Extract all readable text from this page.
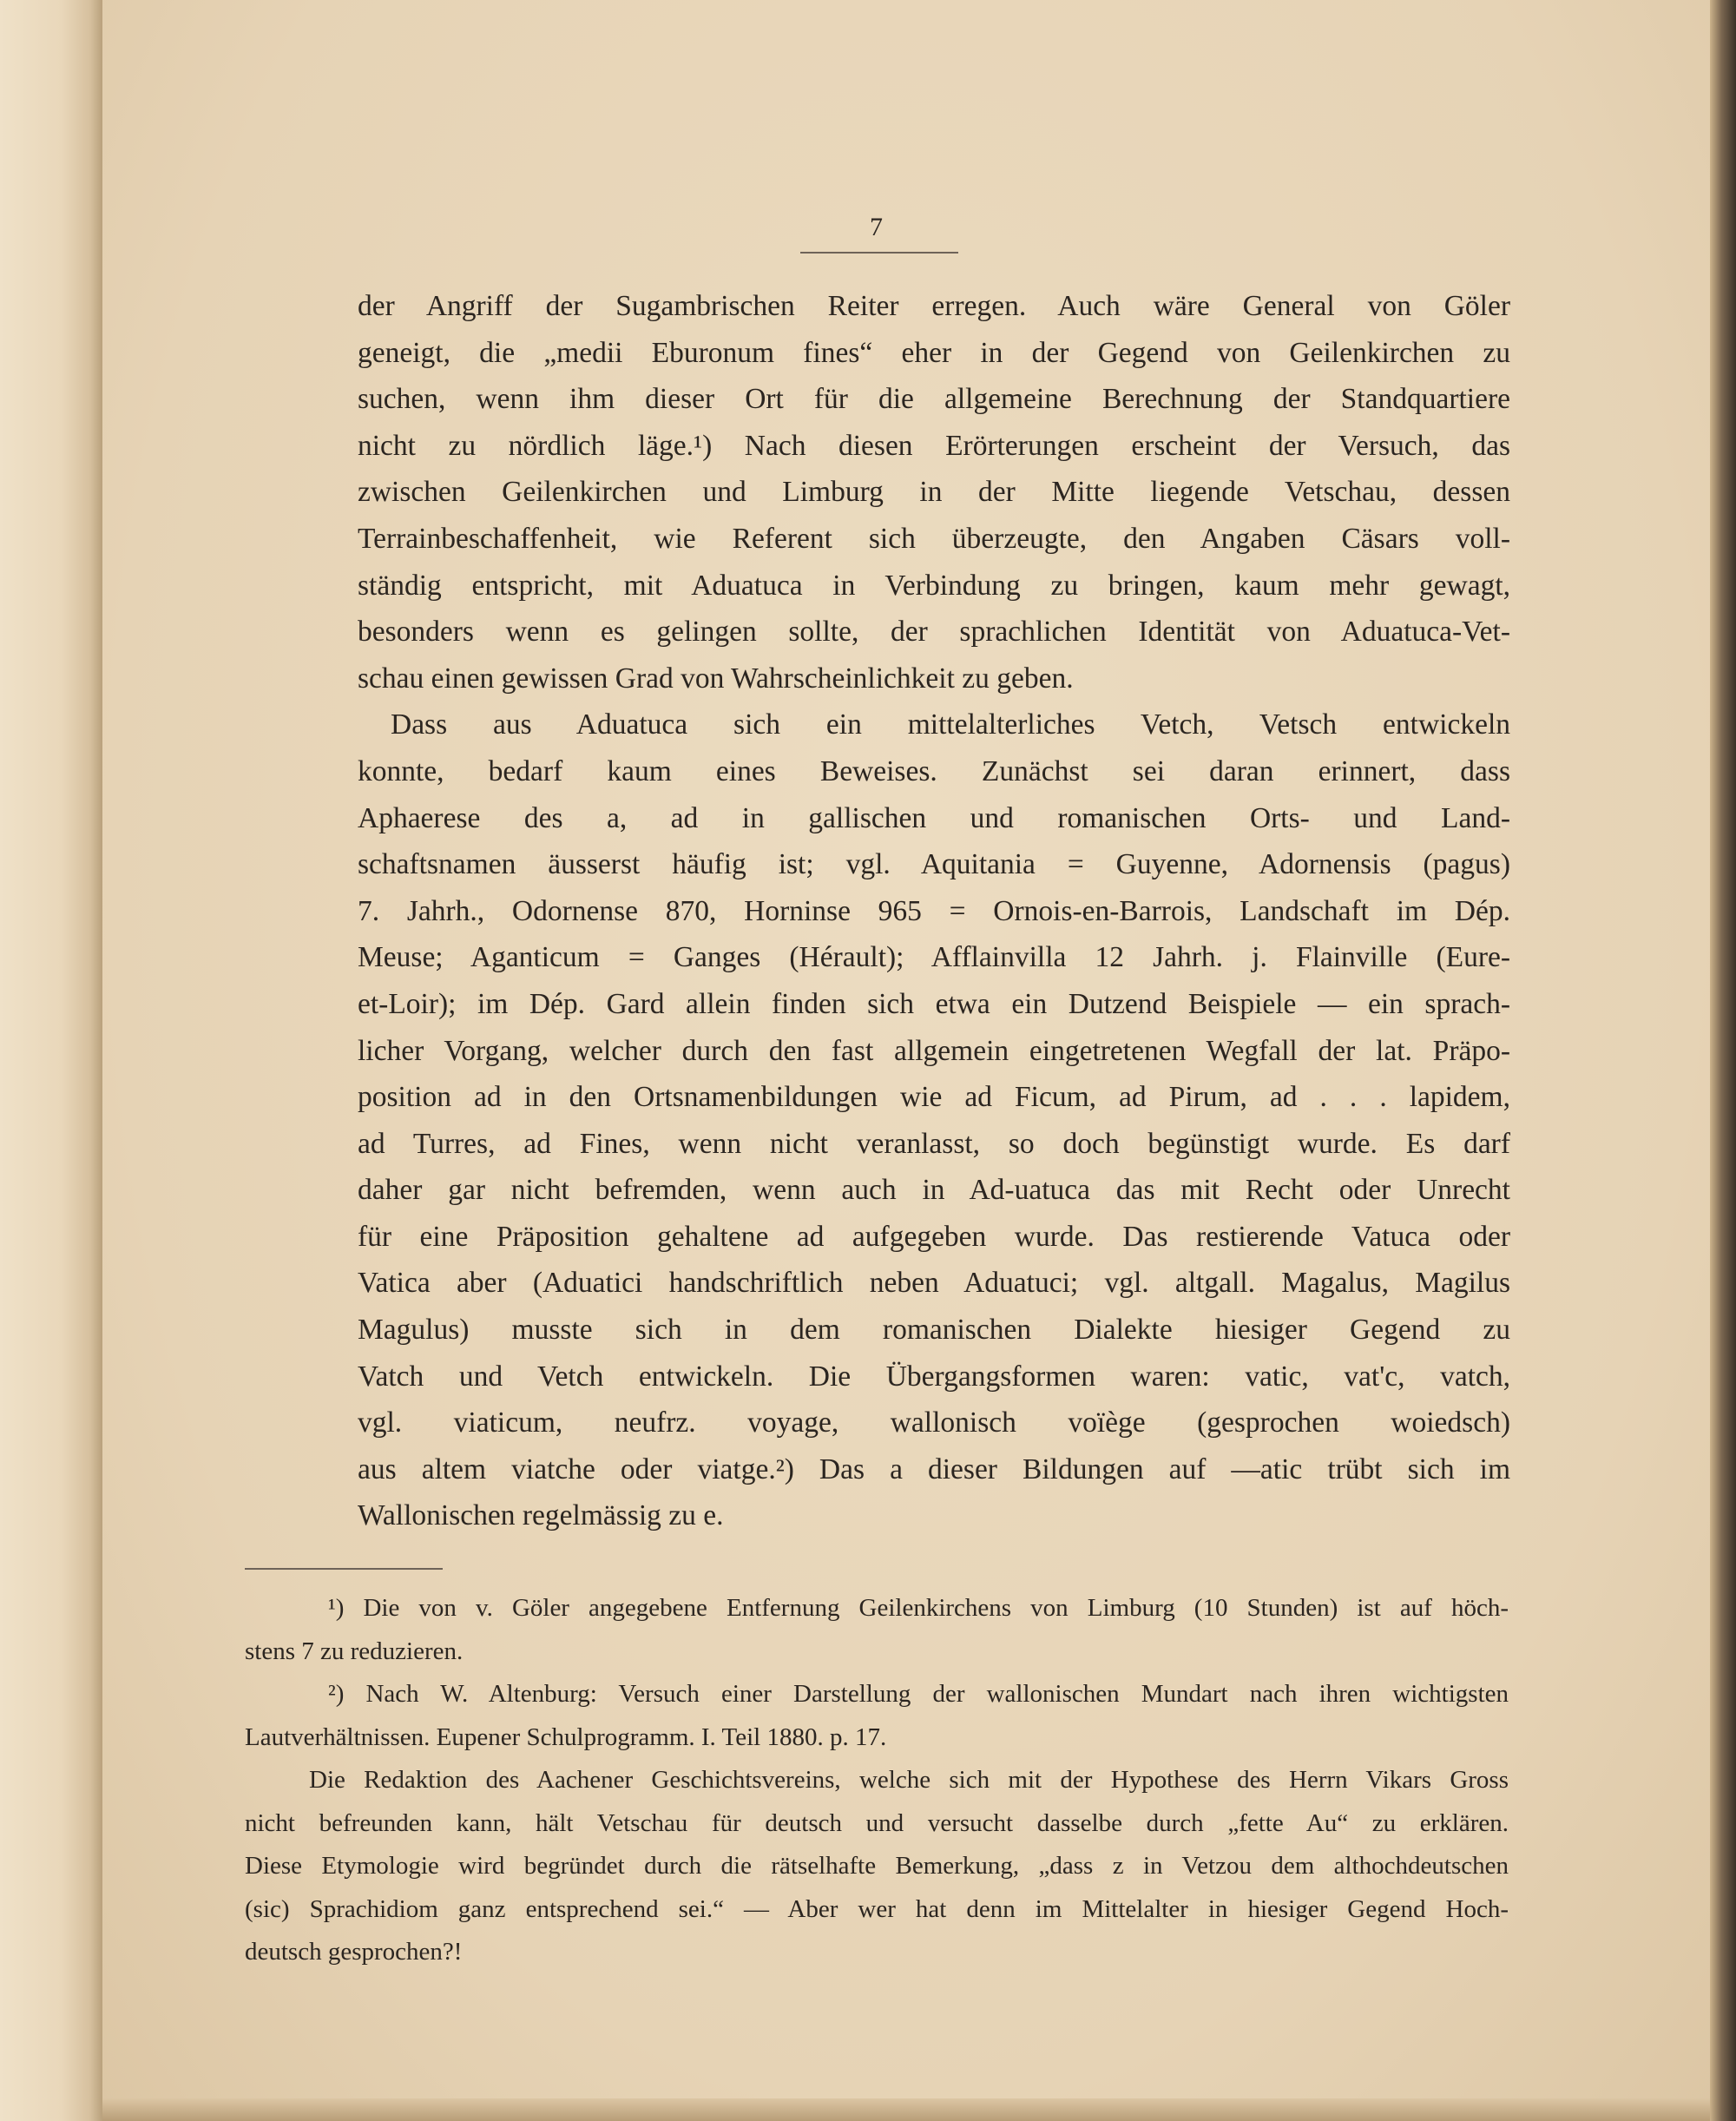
7
der Angriff der Sugambrischen Reiter erregen. Auch wäre General von Göler
geneigt, die „medii Eburonum fines“ eher in der Gegend von Geilenkirchen zu
suchen, wenn ihm dieser Ort für die allgemeine Berechnung der Standquartiere
nicht zu nördlich läge.¹) Nach diesen Erörterungen erscheint der Versuch, das
zwischen Geilenkirchen und Limburg in der Mitte liegende Vetschau, dessen
Terrainbeschaffenheit, wie Referent sich überzeugte, den Angaben Cäsars voll-
ständig entspricht, mit Aduatuca in Verbindung zu bringen, kaum mehr gewagt,
besonders wenn es gelingen sollte, der sprachlichen Identität von Aduatuca-Vet-
schau einen gewissen Grad von Wahrscheinlichkeit zu geben.
Dass aus Aduatuca sich ein mittelalterliches Vetch, Vetsch entwickeln
konnte, bedarf kaum eines Beweises. Zunächst sei daran erinnert, dass
Aphaerese des a, ad in gallischen und romanischen Orts- und Land-
schaftsnamen äusserst häufig ist; vgl. Aquitania = Guyenne, Adornensis (pagus)
7. Jahrh., Odornense 870, Horninse 965 = Ornois-en-Barrois, Landschaft im Dép.
Meuse; Aganticum = Ganges (Hérault); Afflainvilla 12 Jahrh. j. Flainville (Eure-
et-Loir); im Dép. Gard allein finden sich etwa ein Dutzend Beispiele — ein sprach-
licher Vorgang, welcher durch den fast allgemein eingetretenen Wegfall der lat. Präpo-
position ad in den Ortsnamenbildungen wie ad Ficum, ad Pirum, ad . . . lapidem,
ad Turres, ad Fines, wenn nicht veranlasst, so doch begünstigt wurde. Es darf
daher gar nicht befremden, wenn auch in Ad-uatuca das mit Recht oder Unrecht
für eine Präposition gehaltene ad aufgegeben wurde. Das restierende Vatuca oder
Vatica aber (Aduatici handschriftlich neben Aduatuci; vgl. altgall. Magalus, Magilus
Magulus) musste sich in dem romanischen Dialekte hiesiger Gegend zu
Vatch und Vetch entwickeln. Die Übergangsformen waren: vatic, vat'c, vatch,
vgl. viaticum, neufrz. voyage, wallonisch voïège (gesprochen woiedsch)
aus altem viatche oder viatge.²) Das a dieser Bildungen auf —atic trübt sich im
Wallonischen regelmässig zu e.
¹) Die von v. Göler angegebene Entfernung Geilenkirchens von Limburg (10 Stunden) ist auf höch-
stens 7 zu reduzieren.
²) Nach W. Altenburg: Versuch einer Darstellung der wallonischen Mundart nach ihren wichtigsten
Lautverhältnissen. Eupener Schulprogramm. I. Teil 1880. p. 17.
Die Redaktion des Aachener Geschichtsvereins, welche sich mit der Hypothese des Herrn Vikars Gross
nicht befreunden kann, hält Vetschau für deutsch und versucht dasselbe durch „fette Au“ zu erklären.
Diese Etymologie wird begründet durch die rätselhafte Bemerkung, „dass z in Vetzou dem althochdeutschen
(sic) Sprachidiom ganz entsprechend sei.“ — Aber wer hat denn im Mittelalter in hiesiger Gegend Hoch-
deutsch gesprochen?!
